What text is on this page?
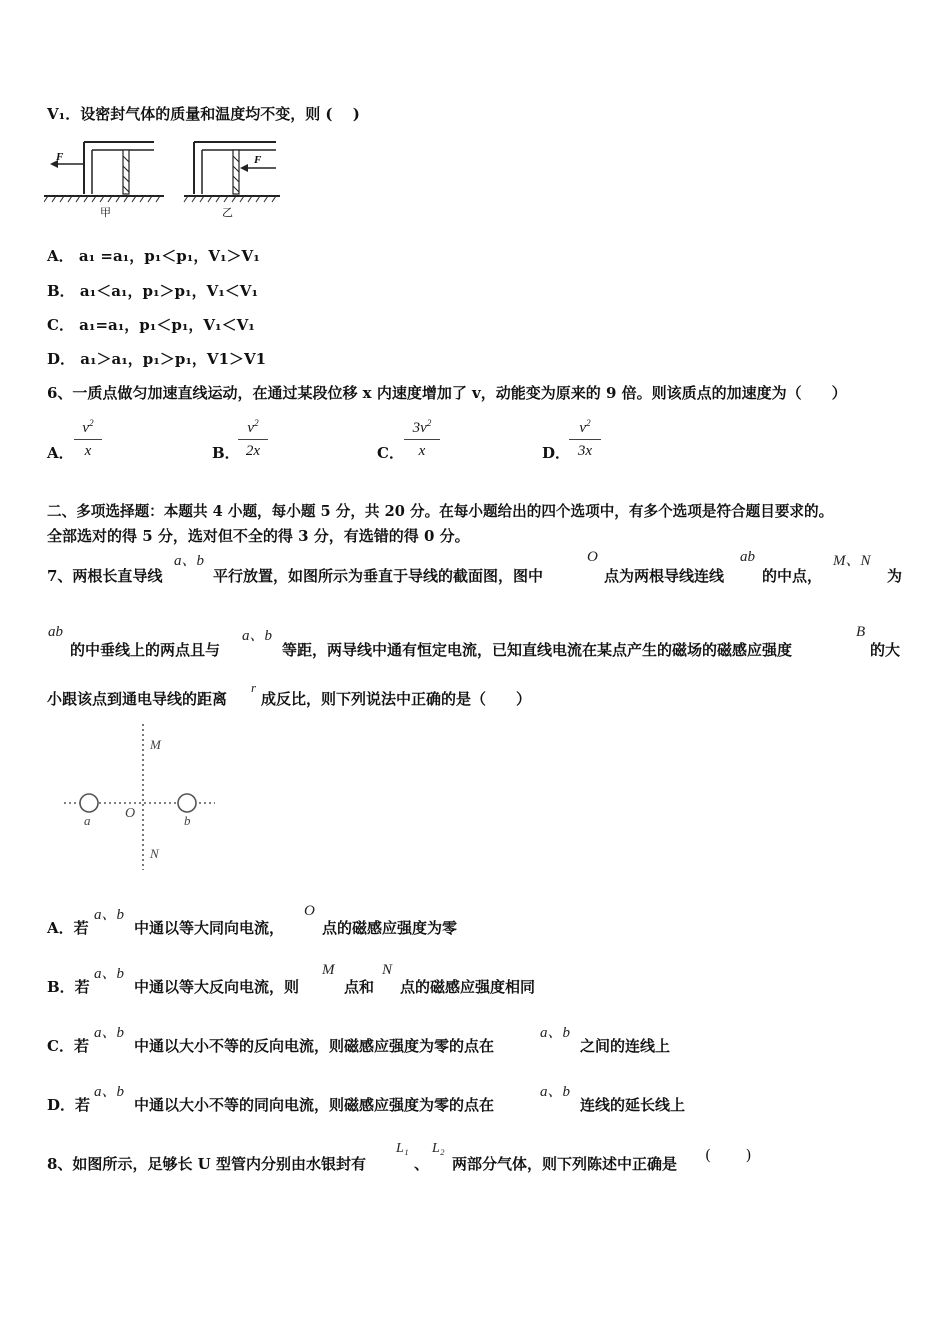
V₁．设密封气体的质量和温度均不变，则 (　 )
F	F
甲	乙
A． a₁ =a₁，p₁＜p₁，V₁＞V₁
B． a₁＜a₁，p₁＞p₁，V₁＜V₁
C． a₁=a₁，p₁＜p₁，V₁＜V₁
D． a₁＞a₁，p₁＞p₁，V1＞V1
6、一质点做匀加速直线运动，在通过某段位移 x 内速度增加了 v，动能变为原来的 9 倍。则该质点的加速度为（　　）
A． $\frac{v^2}{x}$	B．
$\frac{v^2}{2x}$	C． $\frac{3v^2}{x}$	D．
$\frac{v^2}{3x}$
二、多项选择题：本题共 4 小题，每小题 5 分，共 20 分。在每小题给出的四个选项中，有多个选项是符合题目要求的。
全部选对的得 5 分，选对但不全的得 3 分，有选错的得 0 分。
7、两根长直导线
a、b
平行放置，如图所示为垂直于导线的截面图，图中
O
点为两根导线连线
ab
的中点，
M、N
为
ab
的中垂线上的两点且与
a、b
等距，两导线中通有恒定电流，已知直线电流在某点产生的磁场的磁感应强度
B
的大
小跟该点到通电导线的距离
r
成反比，则下列说法中正确的是（　　）
M
N
O
a	b
A．若
a、b
中通以等大同向电流，
O
点的磁感应强度为零
B．若
a、b
中通以等大反向电流，则
M
点和
N
点的磁感应强度相同
C．若
a、b
中通以大小不等的反向电流，则磁感应强度为零的点在
a、b
之间的连线上
D．若
a、b
中通以大小不等的同向电流，则磁感应强度为零的点在
a、b
连线的延长线上
8、如图所示，足够长 U 型管内分别由水银封有
L₁
、
L₂
两部分气体，则下列陈述中正确是 (　　 )
